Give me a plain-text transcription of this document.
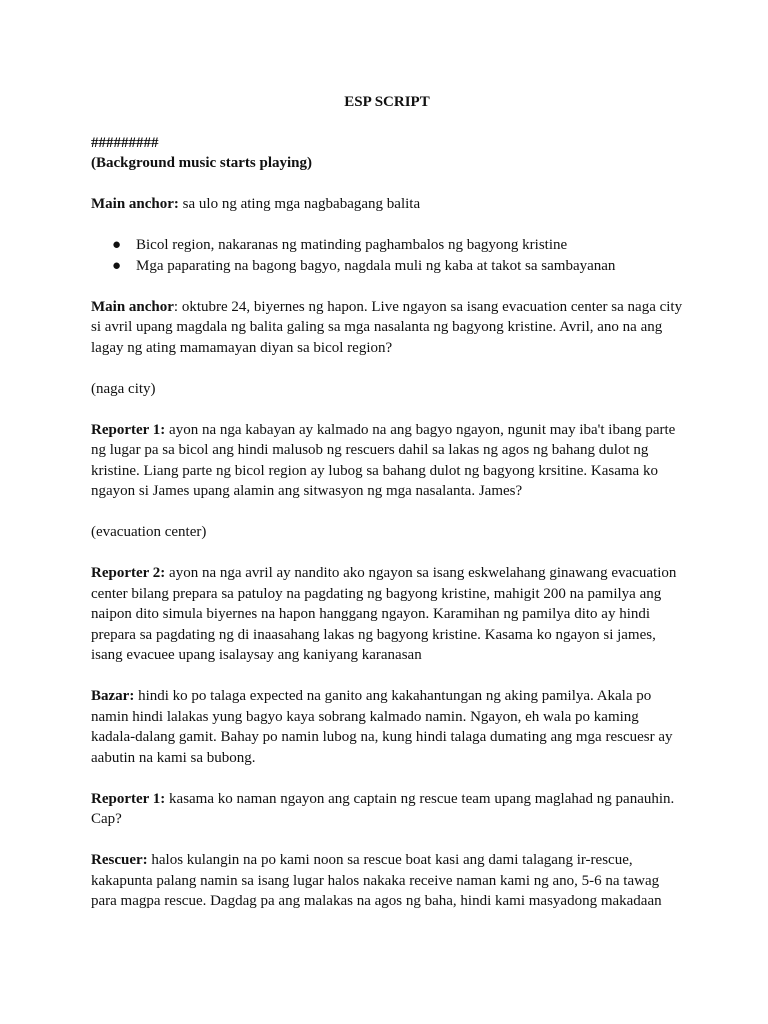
ESP SCRIPT

#########
(Background music starts playing)

Main anchor: sa ulo ng ating mga nagbabagang balita

● Bicol region, nakaranas ng matinding paghambalos ng bagyong kristine
● Mga paparating na bagong bagyo, nagdala muli ng kaba at takot sa sambayanan

Main anchor: oktubre 24, biyernes ng hapon. Live ngayon sa isang evacuation center sa naga city si avril upang magdala ng balita galing sa mga nasalanta ng bagyong kristine. Avril, ano na ang lagay ng ating mamamayan diyan sa bicol region?

(naga city)

Reporter 1: ayon na nga kabayan ay kalmado na ang bagyo ngayon, ngunit may iba't ibang parte ng lugar pa sa bicol ang hindi malusob ng rescuers dahil sa lakas ng agos ng bahang dulot ng kristine. Liang parte ng bicol region ay lubog sa bahang dulot ng bagyong krsitine. Kasama ko ngayon si James upang alamin ang sitwasyon ng mga nasalanta. James?

(evacuation center)

Reporter 2: ayon na nga avril ay nandito ako ngayon sa isang eskwelahang ginawang evacuation center bilang prepara sa patuloy na pagdating ng bagyong kristine, mahigit 200 na pamilya ang naipon dito simula biyernes na hapon hanggang ngayon. Karamihan ng pamilya dito ay hindi prepara sa pagdating ng di inaasahang lakas ng bagyong kristine. Kasama ko ngayon si james, isang evacuee upang isalaysay ang kaniyang karanasan

Bazar: hindi ko po talaga expected na ganito ang kakahantungan ng aking pamilya. Akala po namin hindi lalakas yung bagyo kaya sobrang kalmado namin. Ngayon, eh wala po kaming kadala-dalang gamit. Bahay po namin lubog na, kung hindi talaga dumating ang mga rescuesr ay aabutin na kami sa bubong.

Reporter 1: kasama ko naman ngayon ang captain ng rescue team upang maglahad ng panauhin. Cap?

Rescuer: halos kulangin na po kami noon sa rescue boat kasi ang dami talagang ir-rescue, kakapunta palang namin sa isang lugar halos nakaka receive naman kami ng ano, 5-6 na tawag para magpa rescue. Dagdag pa ang malakas na agos ng baha, hindi kami masyadong makadaan
